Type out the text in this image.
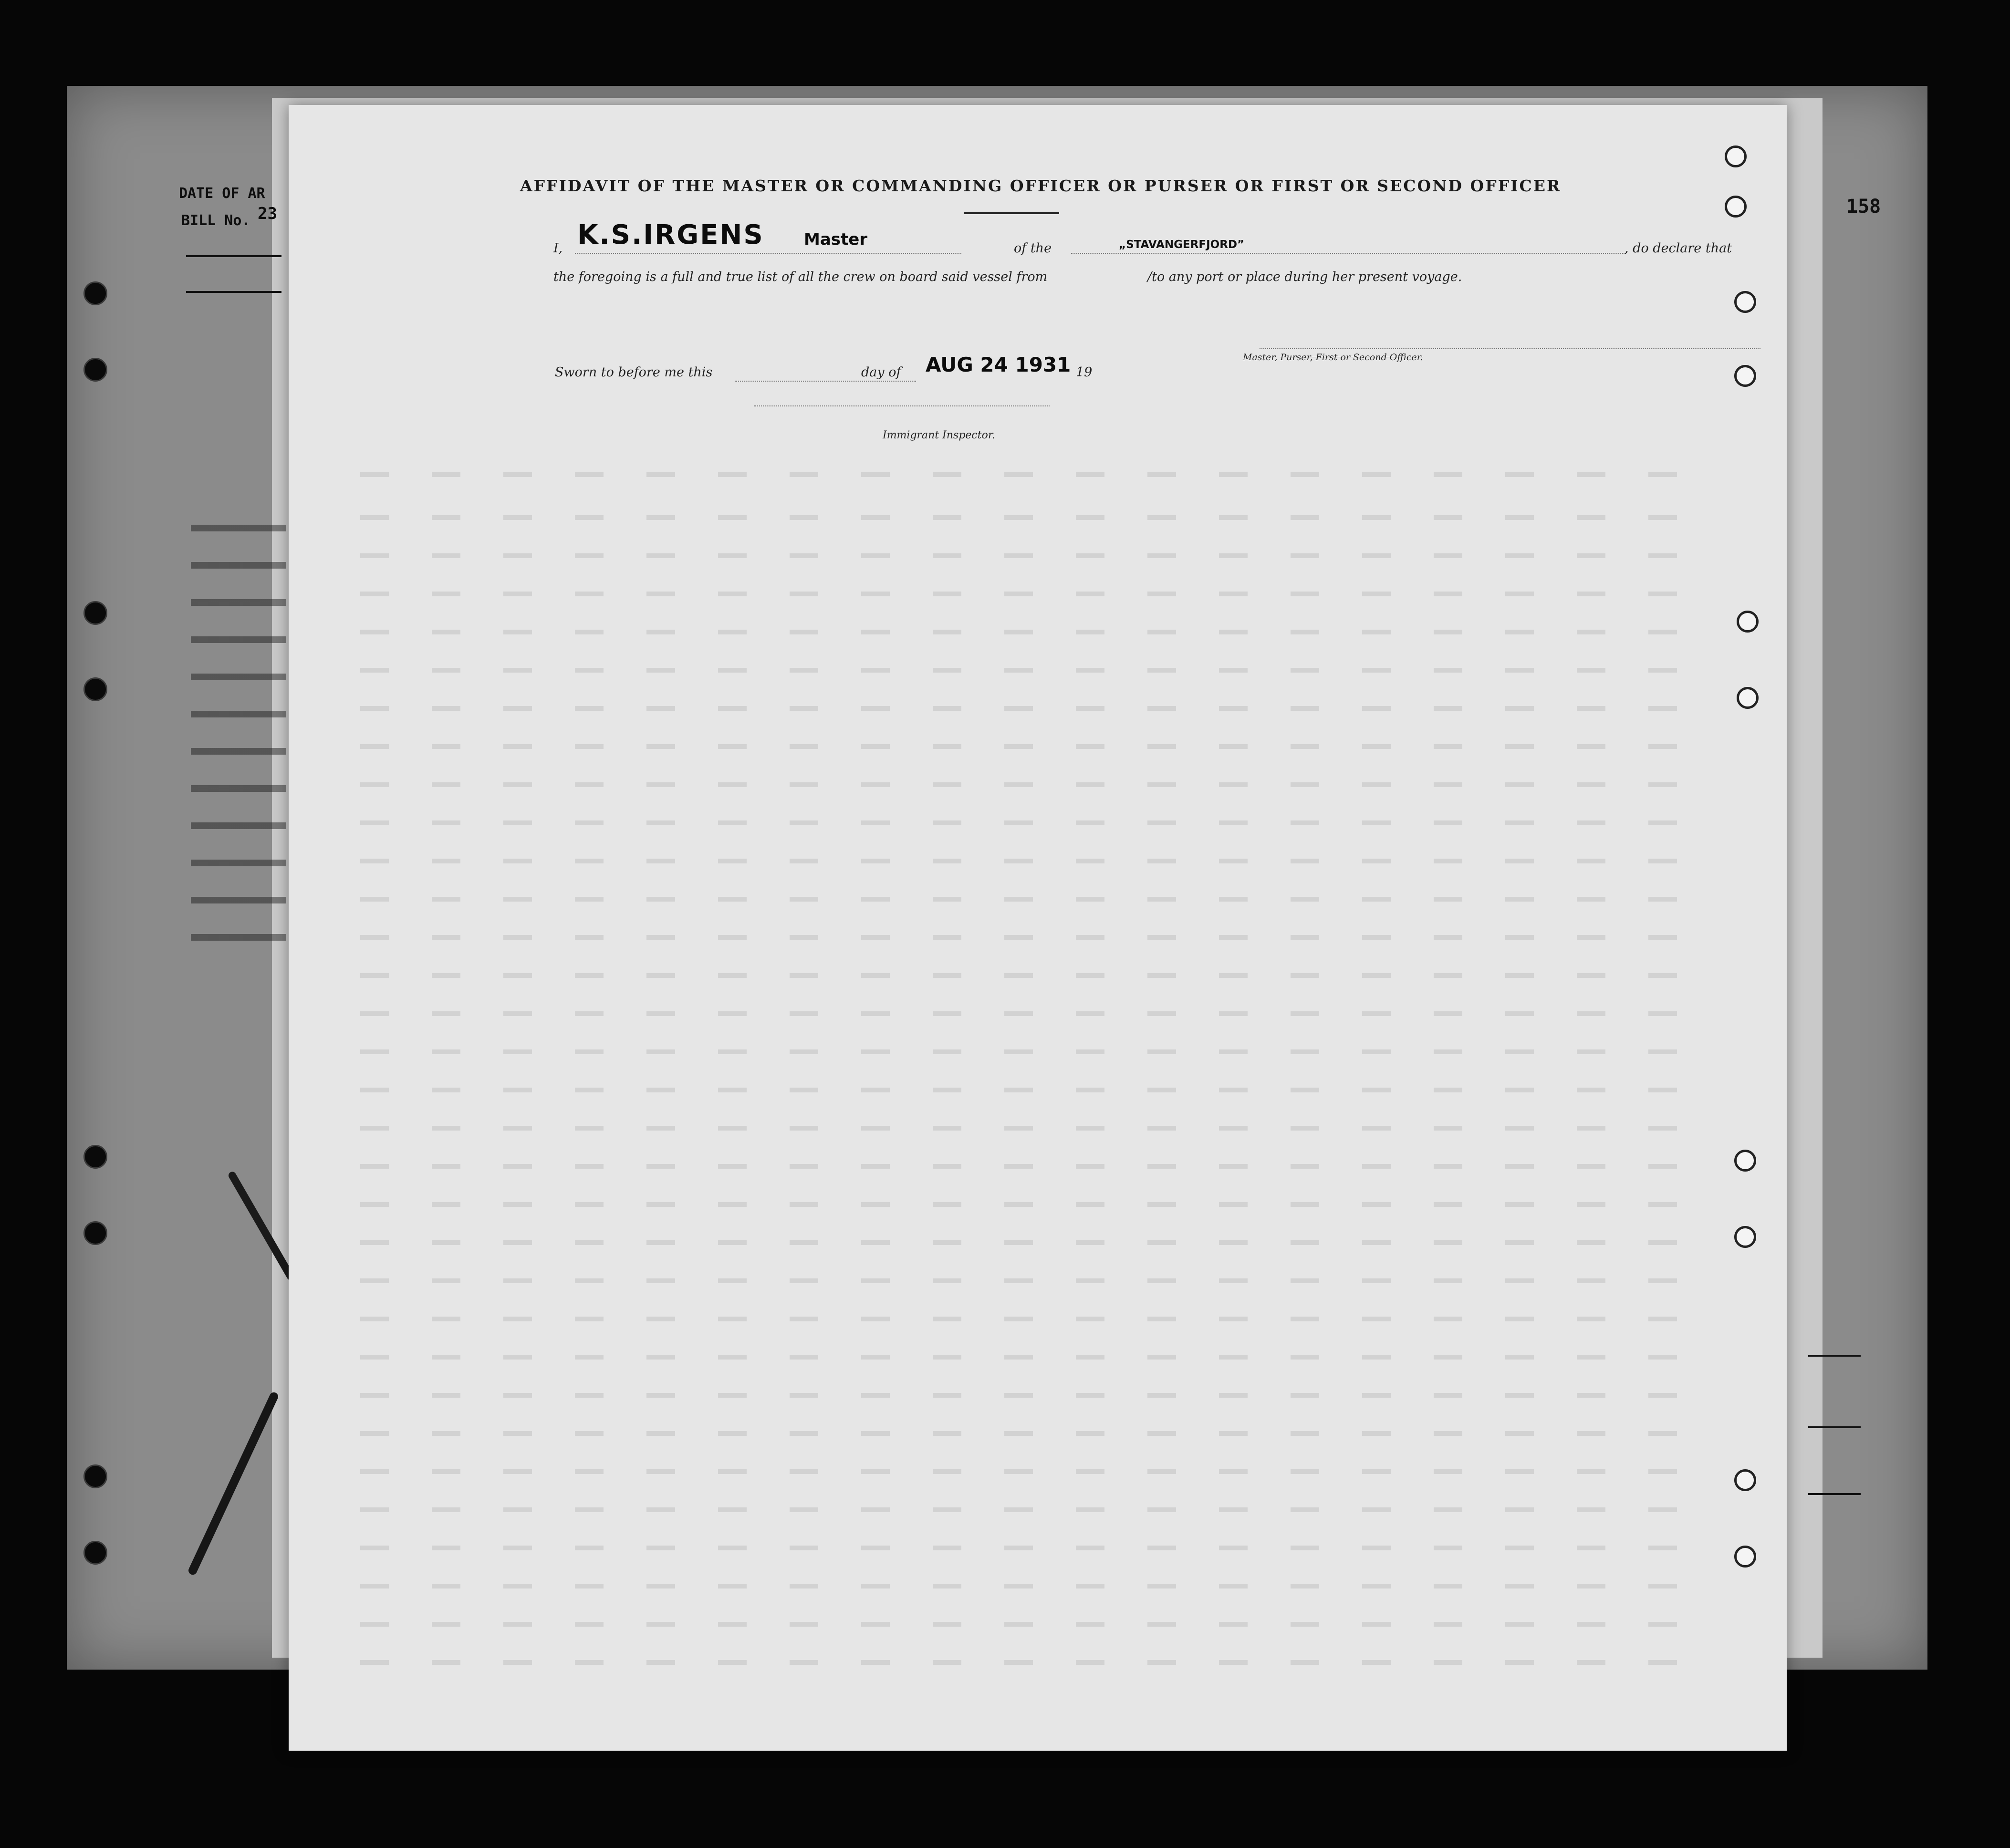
DATE OF AR
BILL No. 23	158
AFFIDAVIT OF THE MASTER OR COMMANDING OFFICER OR PURSER OR FIRST OR SECOND OFFICER
I, K.S.IRGENS Master	of the	„STAVANGERFJORD”	, do declare that
the foregoing is a full and true list of all the crew on board said vessel from	/to any port or place during her present voyage.
Master, Purser, First or Second Officer.
Sworn to before me this	day of AUG 24 1931 19
Immigrant Inspector.
